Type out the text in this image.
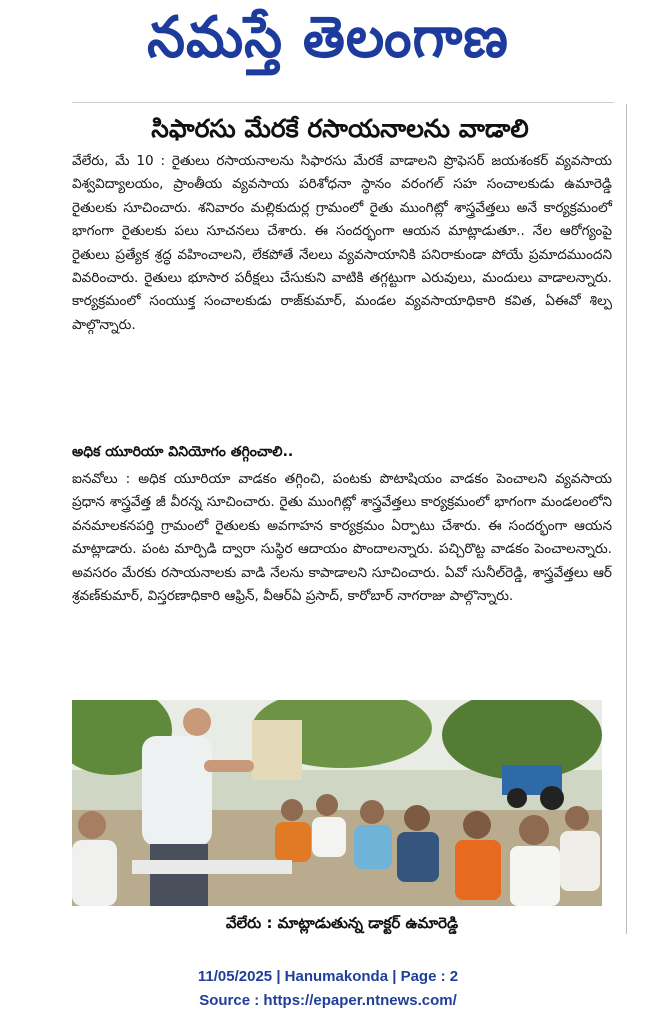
నమస్తే తెలంగాణ
సిఫారసు మేరకే రసాయనాలను వాడాలి

వేలేరు, మే 10 : రైతులు రసాయనాలను సిఫారసు మేరకే వాడాలని ప్రొఫెసర్ జయశంకర్ వ్యవసాయ విశ్వవిద్యాలయం, ప్రాంతీయ వ్యవసాయ పరిశోధనా స్థానం వరంగల్ సహ సంచాలకుడు ఉమారెడ్డి రైతులకు సూచించారు. శనివారం మల్లికుదుర్ల గ్రామంలో రైతు ముంగిట్లో శాస్త్రవేత్తలు అనే కార్యక్రమంలో భాగంగా రైతులకు పలు సూచనలు చేశారు. ఈ సందర్భంగా ఆయన మాట్లాడుతూ.. నేల ఆరోగ్యంపై రైతులు ప్రత్యేక శ్రద్ధ వహించాలని, లేకపోతే నేలలు వ్యవసాయానికి పనిరాకుండా పోయే ప్రమాదముందని వివరించారు. రైతులు భూసార పరీక్షలు చేసుకుని వాటికి తగ్గట్టుగా ఎరువులు, మందులు వాడాలన్నారు. కార్యక్రమంలో సంయుక్త సంచాలకుడు రాజ్‌కుమార్, మండల వ్యవసాయాధికారి కవిత, ఏఈవో శిల్ప పాల్గొన్నారు.

అధిక యూరియా వినియోగం తగ్గించాలి..

ఐనవోలు : అధిక యూరియా వాడకం తగ్గించి, పంటకు పొటాషియం వాడకం పెంచాలని వ్యవసాయ ప్రధాన శాస్త్రవేత్త జీ వీరన్న సూచించారు. రైతు ముంగిట్లో శాస్త్రవేత్తలు కార్యక్రమంలో భాగంగా మండలంలోని వనమాలకనపర్తి గ్రామంలో రైతులకు అవగాహన కార్యక్రమం ఏర్పాటు చేశారు. ఈ సందర్భంగా ఆయన మాట్లాడారు. పంట మార్పిడి ద్వారా సుస్థిర ఆదాయం పొందాలన్నారు. పచ్చిరొట్ట వాడకం పెంచాలన్నారు. అవసరం మేరకు రసాయనాలకు వాడి నేలను కాపాడాలని సూచించారు. ఏవో సునీల్‌రెడ్డి, శాస్త్రవేత్తలు ఆర్ శ్రవణ్‌కుమార్, విస్తరణాధికారి ఆఫ్రిన్, వీఆర్‌ఏ ప్రసాద్, కారోబార్ నాగరాజు పాల్గొన్నారు.

వేలేరు : మాట్లాడుతున్న డాక్టర్ ఉమారెడ్డి
11/05/2025 | Hanumakonda | Page : 2
Source : https://epaper.ntnews.com/
